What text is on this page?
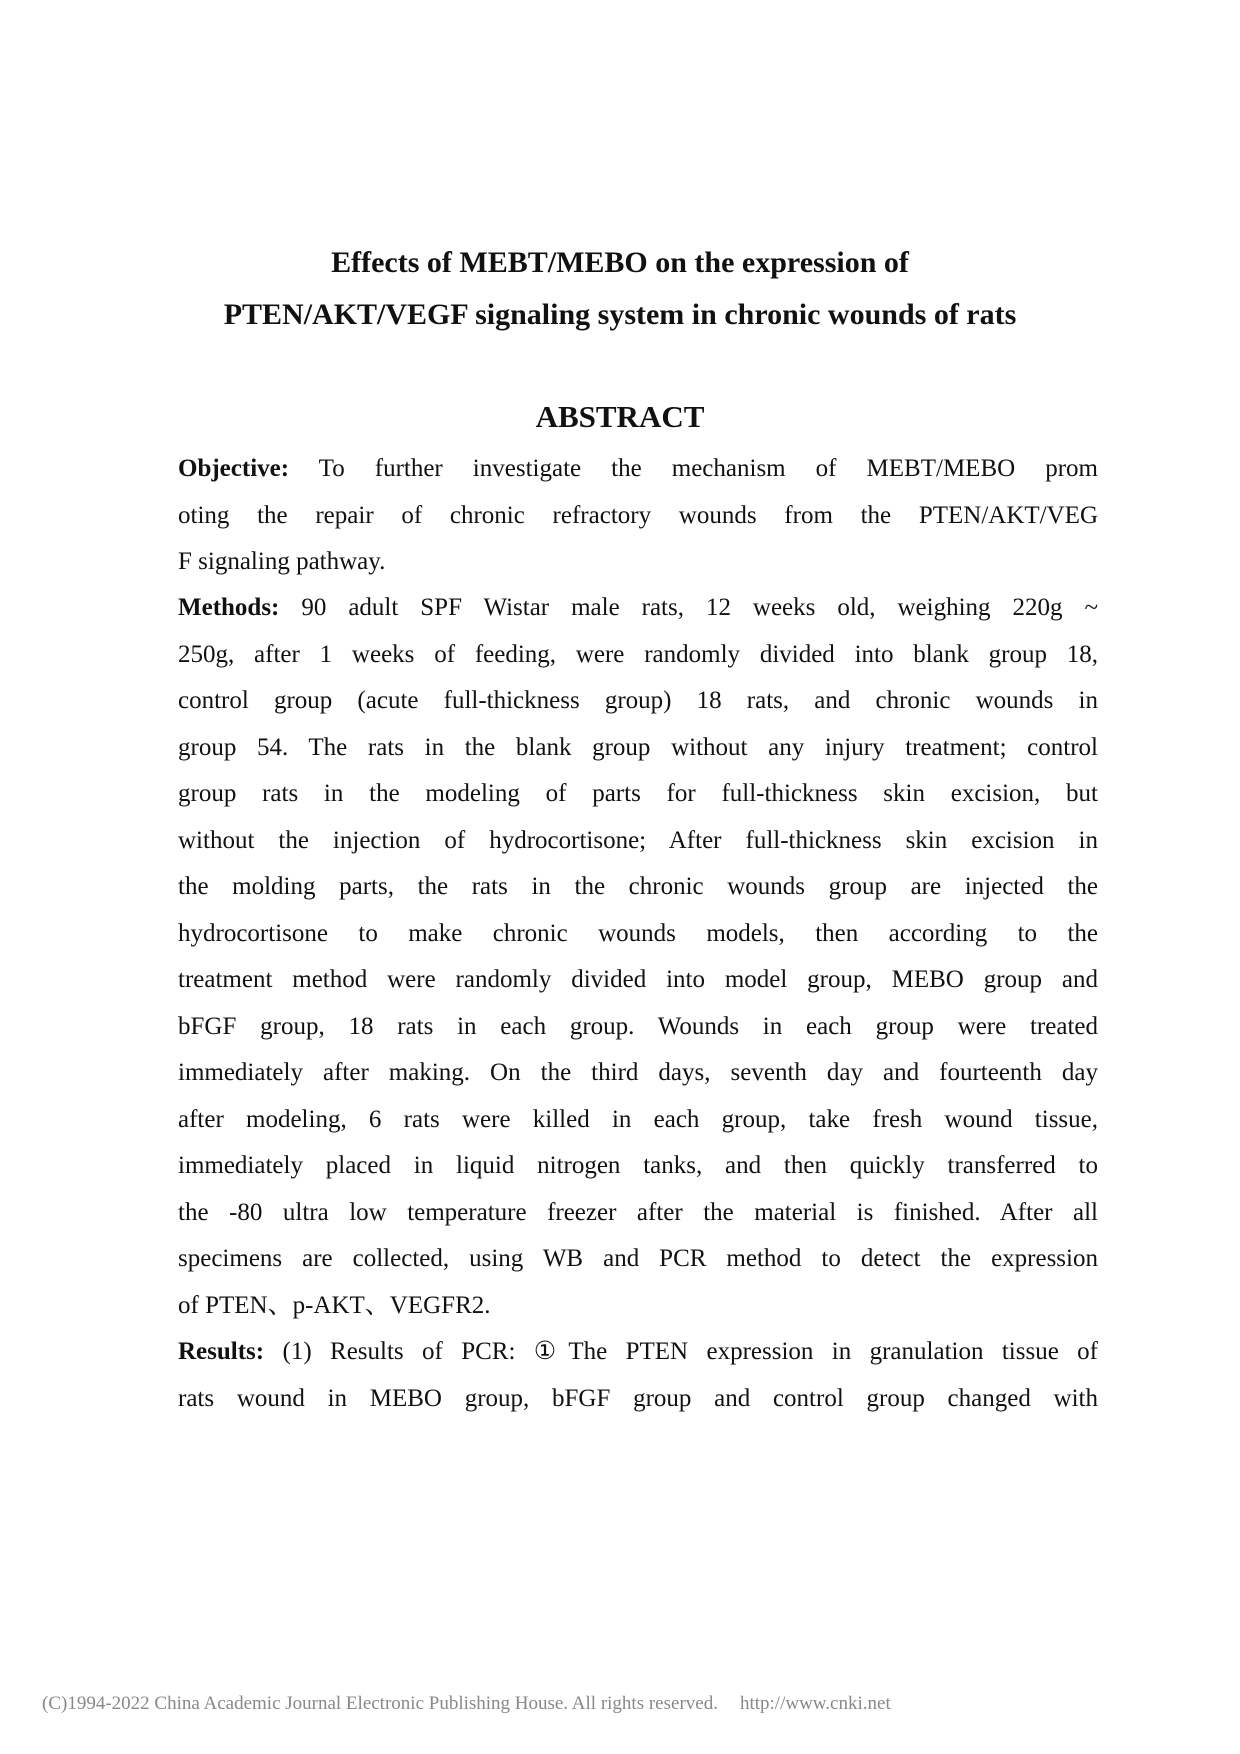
Effects of MEBT/MEBO on the expression of
PTEN/AKT/VEGF signaling system in chronic wounds of rats
ABSTRACT

Objective: To further investigate the mechanism of MEBT/MEBO prom

oting the repair of chronic refractory wounds from the PTEN/AKT/VEG

F signaling pathway.

Methods: 90 adult SPF Wistar male rats, 12 weeks old, weighing 220g ~

250g, after 1 weeks of feeding, were randomly divided into blank group 18,

control group (acute full-thickness group) 18 rats, and chronic wounds in

group 54. The rats in the blank group without any injury treatment; control

group rats in the modeling of parts for full-thickness skin excision, but

without the injection of hydrocortisone; After full-thickness skin excision in

the molding parts, the rats in the chronic wounds group are injected the

hydrocortisone to make chronic wounds models, then according to the

treatment method were randomly divided into model group, MEBO group and

bFGF group, 18 rats in each group. Wounds in each group were treated

immediately after making. On the third days, seventh day and fourteenth day

after modeling, 6 rats were killed in each group, take fresh wound tissue,

immediately placed in liquid nitrogen tanks, and then quickly transferred to

the -80 ultra low temperature freezer after the material is finished. After all

specimens are collected, using WB and PCR method to detect the expression

of PTEN、p-AKT、VEGFR2.

Results: (1) Results of PCR: ①The PTEN expression in granulation tissue of

rats wound in MEBO group, bFGF group and control group changed with

(C)1994-2022 China Academic Journal Electronic Publishing House. All rights reserved. http://www.cnki.net
